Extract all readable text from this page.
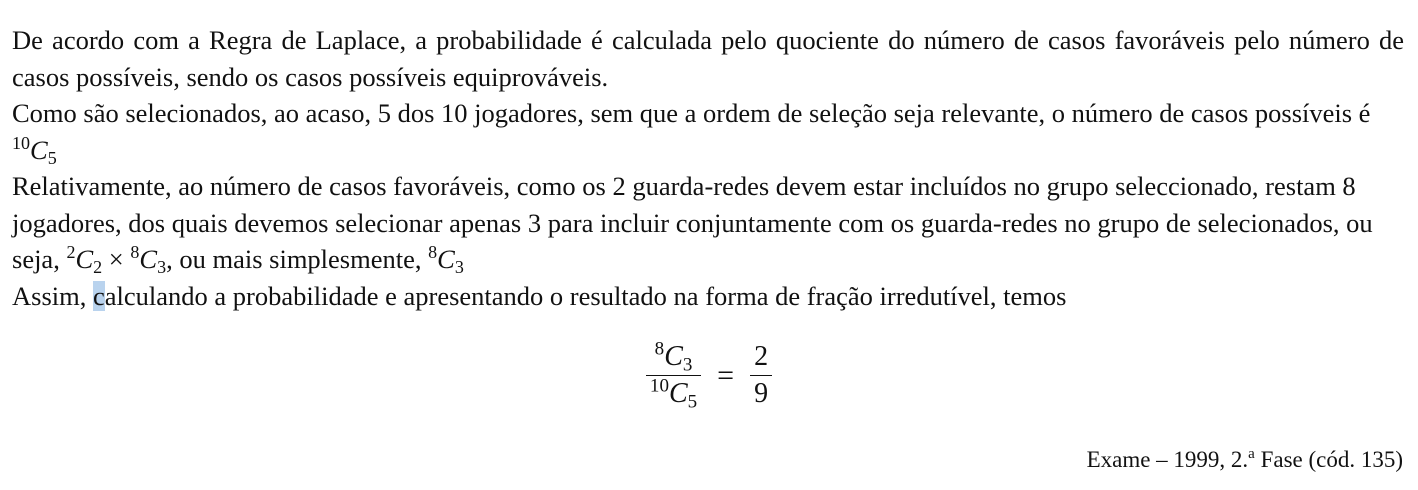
De acordo com a Regra de Laplace, a probabilidade é calculada pelo quociente do número de casos favoráveis pelo número de casos possíveis, sendo os casos possíveis equiprováveis.

Como são selecionados, ao acaso, 5 dos 10 jogadores, sem que a ordem de seleção seja relevante, o número de casos possíveis é $^{10}C_5$

Relativamente, ao número de casos favoráveis, como os 2 guarda-redes devem estar incluídos no grupo seleccionado, restam 8 jogadores, dos quais devemos selecionar apenas 3 para incluir conjuntamente com os guarda-redes no grupo de selecionados, ou seja, $^2C_2 \times ^8C_3$, ou mais simplesmente, $^8C_3$

Assim, calculando a probabilidade e apresentando o resultado na forma de fração irredutível, temos

$\frac{^8C_3}{^{10}C_5} = \frac{2}{9}$
Exame – 1999, 2.$^a$ Fase (cód. 135)
